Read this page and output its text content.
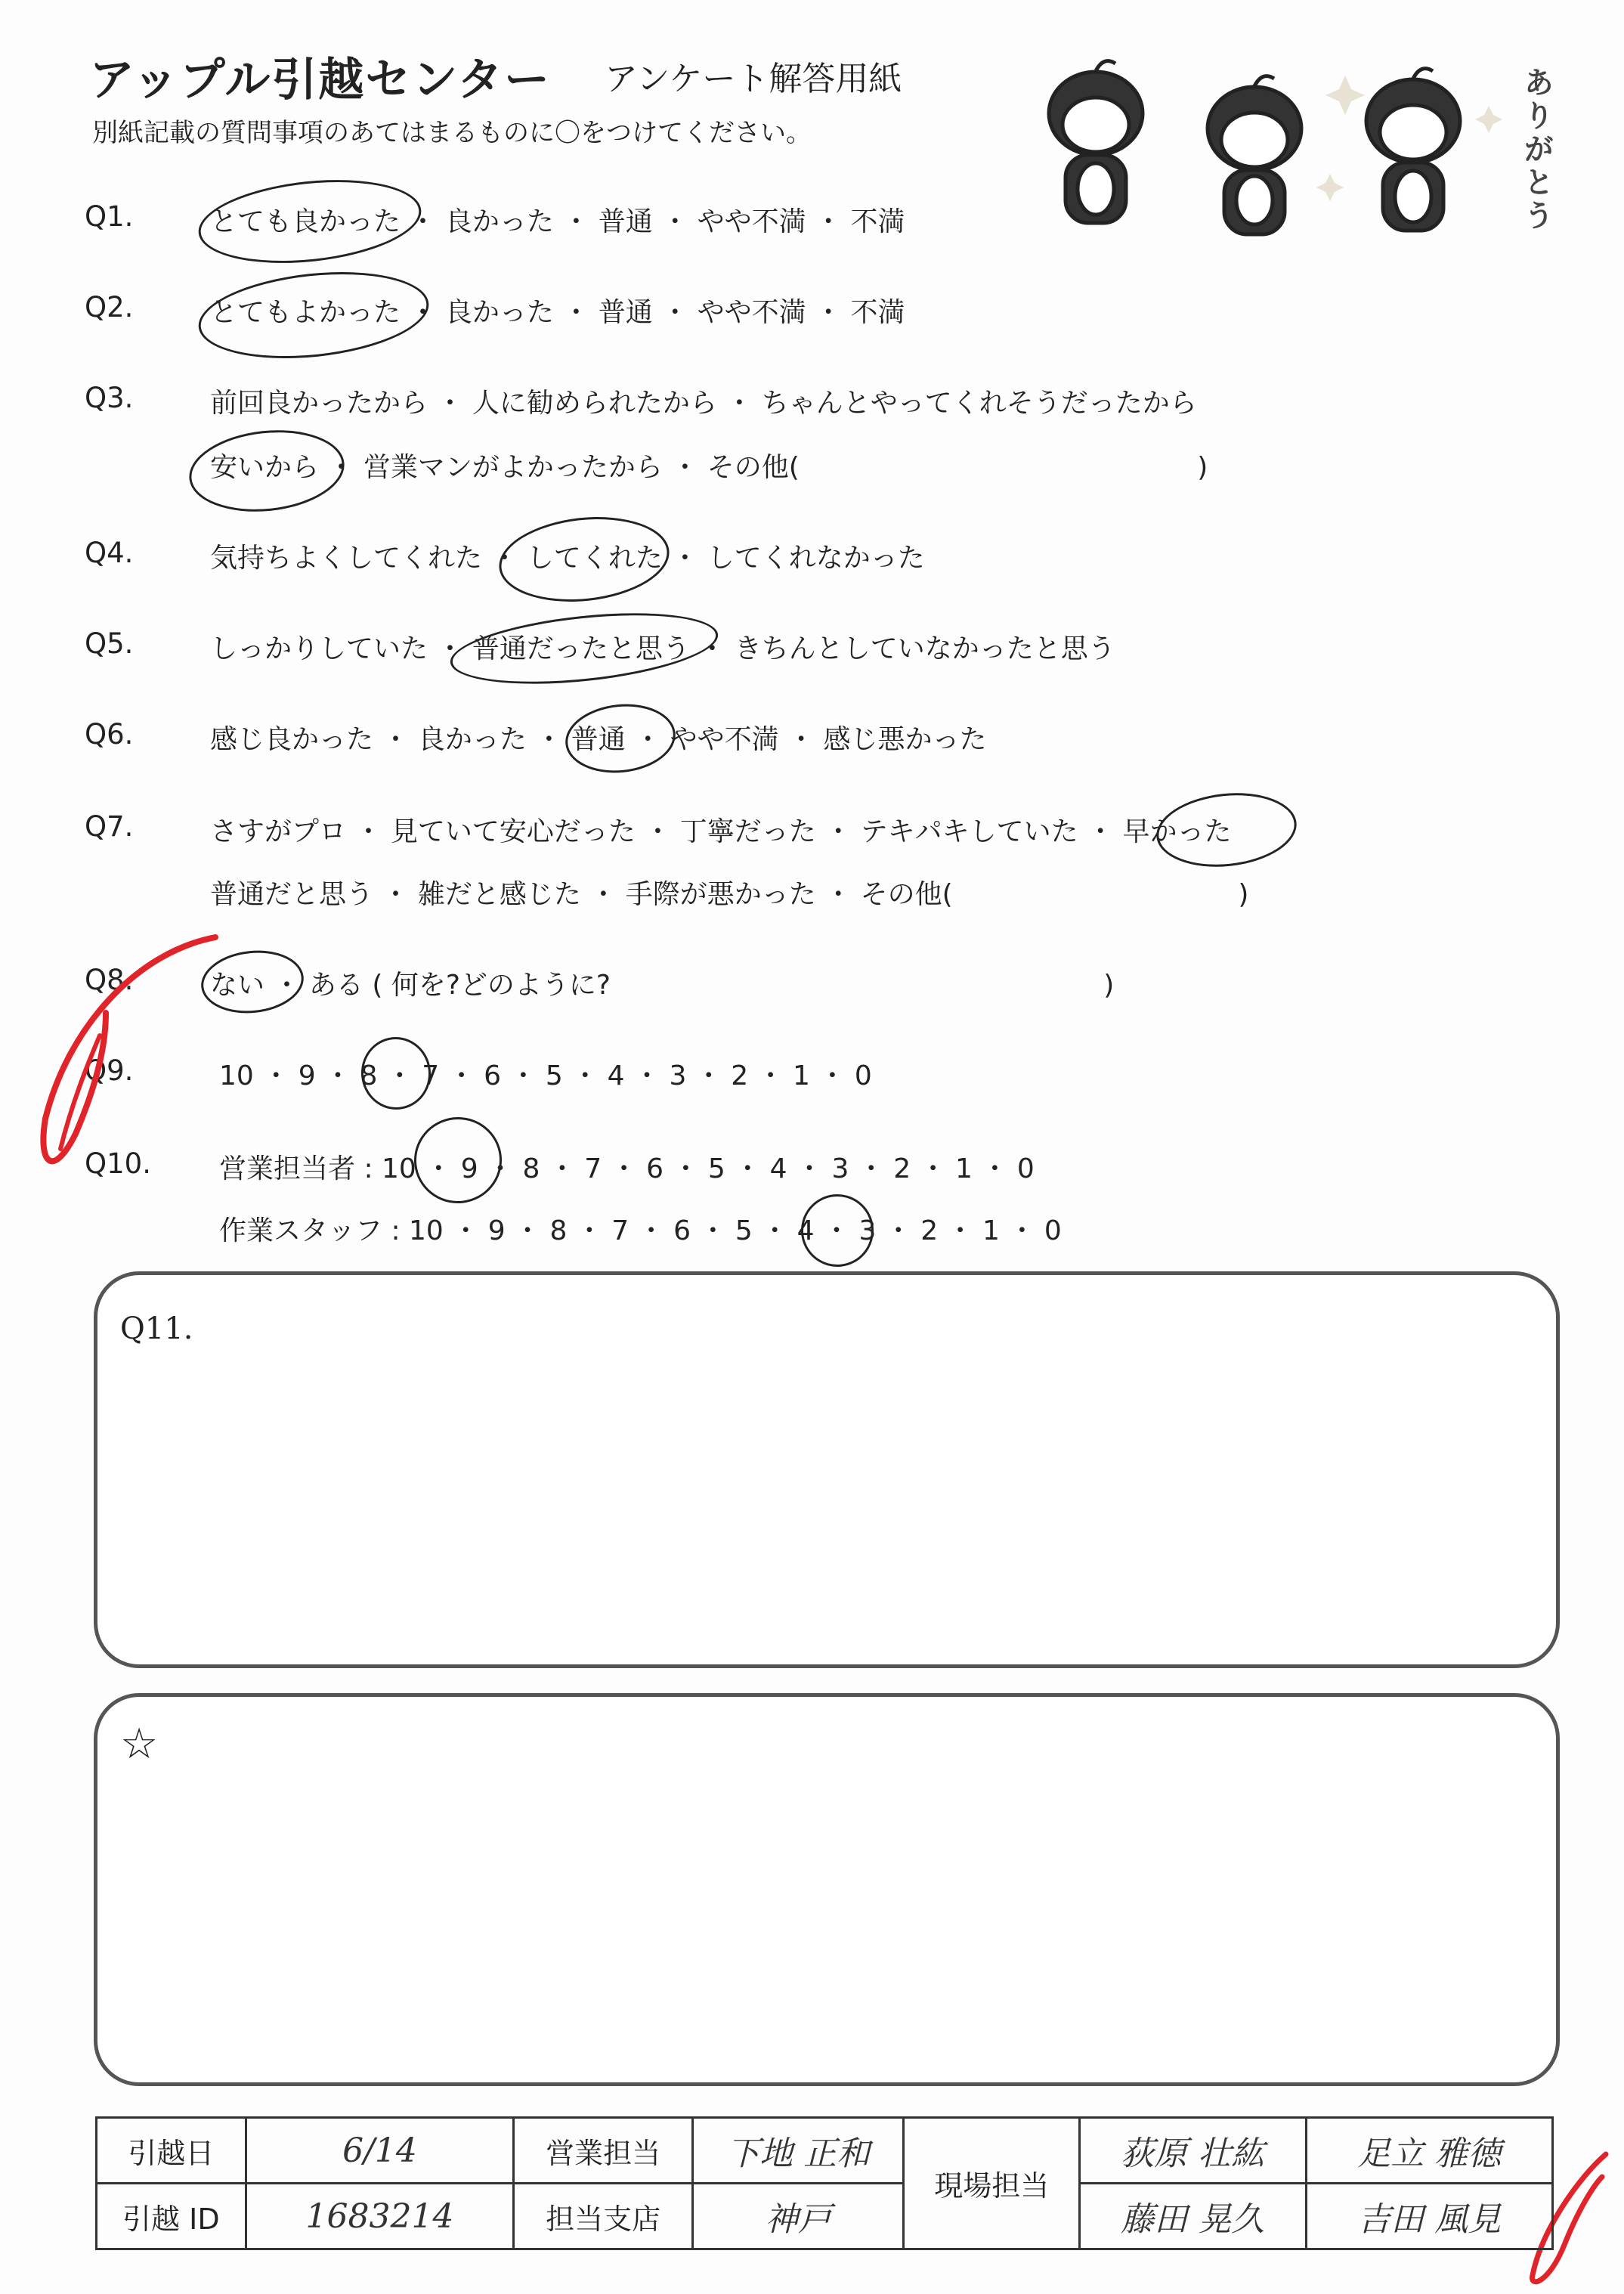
アップル引越センター アンケート解答用紙
別紙記載の質問事項のあてはまるものに〇をつけてください。	ありがとう
Q1.	とても良かった ・ 良かった ・ 普通 ・ やや不満 ・ 不満
Q2.	とてもよかった ・ 良かった ・ 普通 ・ やや不満 ・ 不満
Q3.	前回良かったから ・ 人に勧められたから ・ ちゃんとやってくれそうだったから
安いから ・ 営業マンがよかったから ・ その他(                                              )
Q4.	気持ちよくしてくれた ・ してくれた ・ してくれなかった
Q5.	しっかりしていた ・ 普通だったと思う ・ きちんとしていなかったと思う
Q6.	感じ良かった ・ 良かった ・ 普通 ・ やや不満 ・ 感じ悪かった
Q7.	さすがプロ ・ 見ていて安心だった ・ 丁寧だった ・ テキパキしていた ・ 早かった
普通だと思う ・ 雑だと感じた ・ 手際が悪かった ・ その他(                                 )
Q8.	ない ・ ある ( 何を?どのように?                                                         )
Q9.	10 ・ 9 ・ 8 ・ 7 ・ 6 ・ 5 ・ 4 ・ 3 ・ 2 ・ 1 ・ 0
Q10.	営業担当者 : 10 ・ 9 ・ 8 ・ 7 ・ 6 ・ 5 ・ 4 ・ 3 ・ 2 ・ 1 ・ 0
作業スタッフ : 10 ・ 9 ・ 8 ・ 7 ・ 6 ・ 5 ・ 4 ・ 3 ・ 2 ・ 1 ・ 0
Q11.
☆
引越日	6/14	営業担当	下地 正和	現場担当	荻原 壮紘	足立 雅徳
引越 ID	1683214	担当支店	神戸		藤田 晃久	吉田 風見
